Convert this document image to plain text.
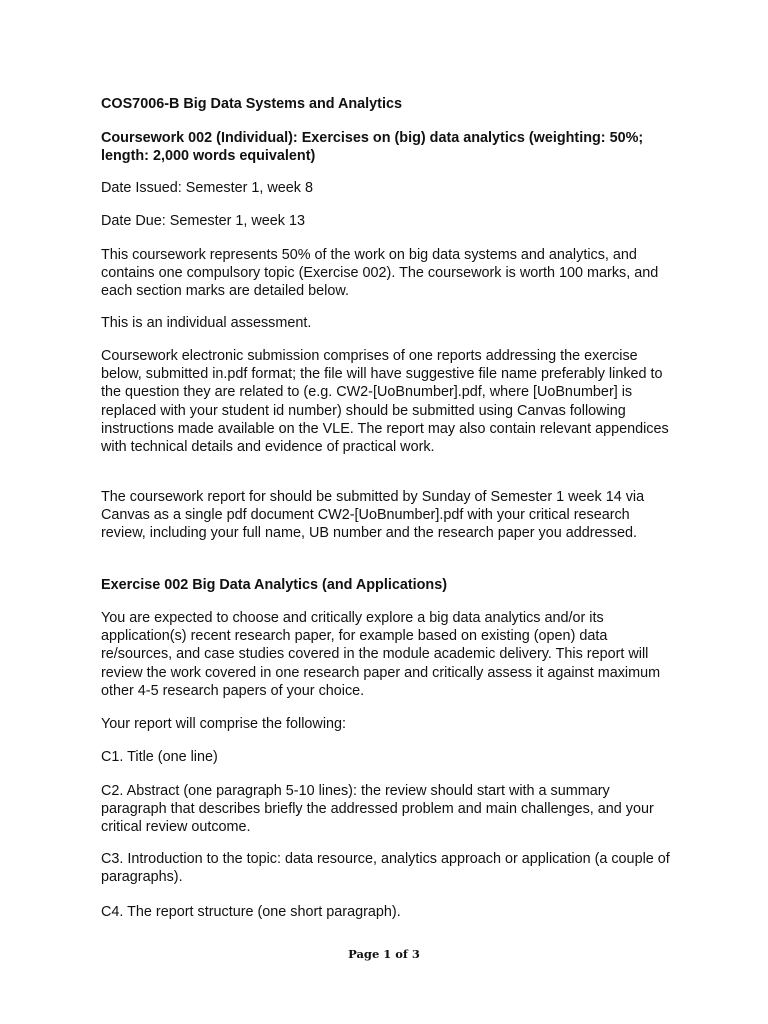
COS7006-B Big Data Systems and Analytics

Coursework 002 (Individual): Exercises on (big) data analytics (weighting: 50%; length: 2,000 words equivalent)

Date Issued: Semester 1, week 8

Date Due: Semester 1, week 13

This coursework represents 50% of the work on big data systems and analytics, and contains one compulsory topic (Exercise 002). The coursework is worth 100 marks, and each section marks are detailed below.

This is an individual assessment.

Coursework electronic submission comprises of one reports addressing the exercise below, submitted in.pdf format; the file will have suggestive file name preferably linked to the question they are related to (e.g. CW2-[UoBnumber].pdf, where [UoBnumber] is replaced with your student id number) should be submitted using Canvas following instructions made available on the VLE. The report may also contain relevant appendices with technical details and evidence of practical work.

The coursework report for should be submitted by Sunday of Semester 1 week 14 via Canvas as a single pdf document CW2-[UoBnumber].pdf with your critical research review, including your full name, UB number and the research paper you addressed.

Exercise 002 Big Data Analytics (and Applications)

You are expected to choose and critically explore a big data analytics and/or its application(s) recent research paper, for example based on existing (open) data re/sources, and case studies covered in the module academic delivery. This report will review the work covered in one research paper and critically assess it against maximum other 4-5 research papers of your choice.

Your report will comprise the following:

C1. Title (one line)

C2. Abstract (one paragraph 5-10 lines): the review should start with a summary paragraph that describes briefly the addressed problem and main challenges, and your critical review outcome.

C3. Introduction to the topic: data resource, analytics approach or application (a couple of paragraphs).

C4. The report structure (one short paragraph).

Page 1 of 3
